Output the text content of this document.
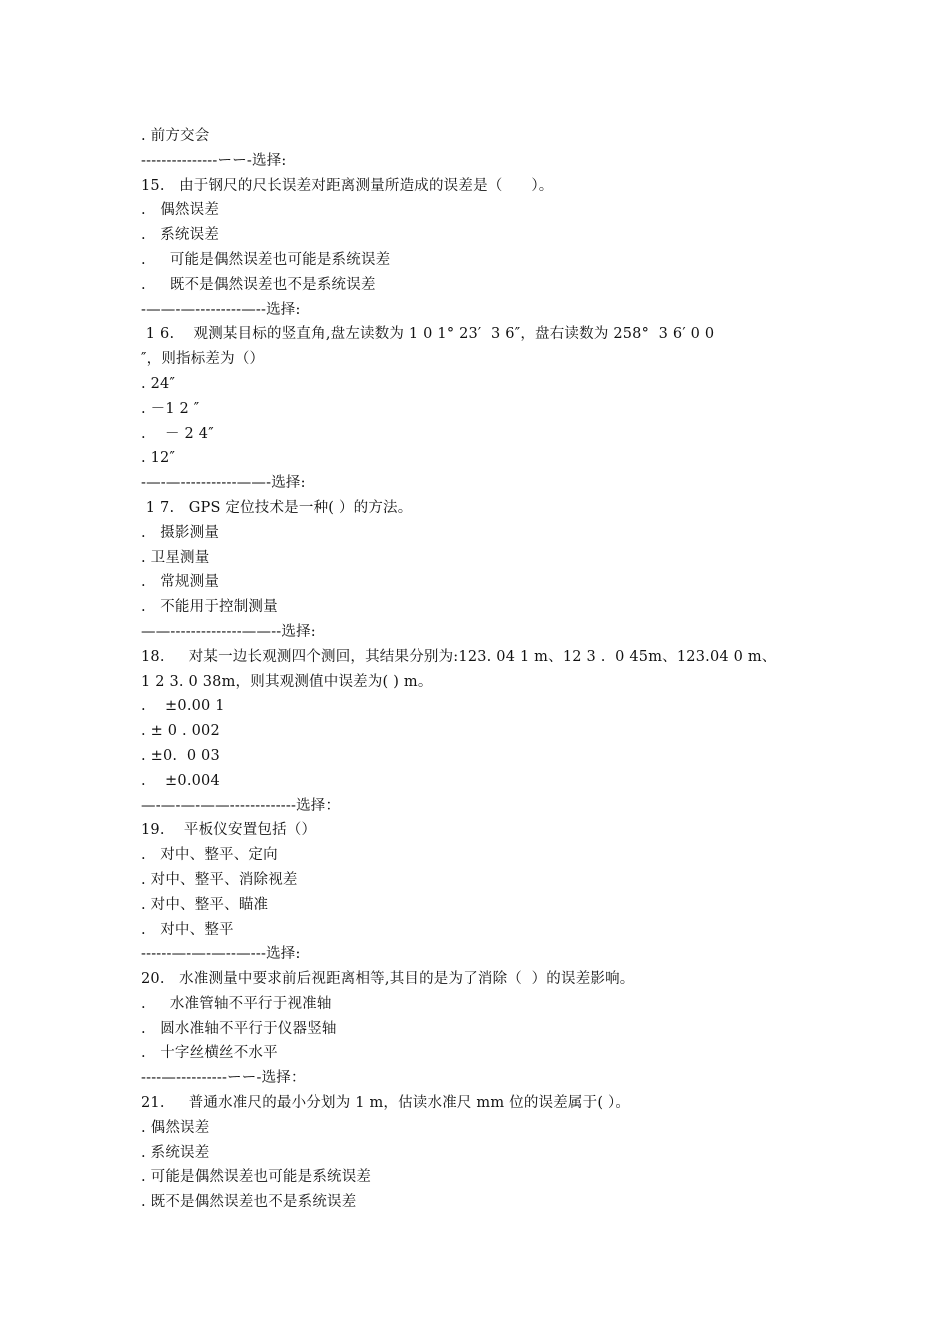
. 前方交会
---------------ーー-选择:
15.   由于钢尺的尺长误差对距离测量所造成的误差是（      ）。
.   偶然误差
.   系统误差
.     可能是偶然误差也可能是系统误差
.     既不是偶然误差也不是系统误差
-——-—---------—--选择:
1 6.    观测某目标的竖直角,盘左读数为 1 0 1° 23′  3 6″，盘右读数为 258°  3 6′ 0 0
″，则指标差为（）
. 24″
. －1 2 ″
.    － 2 4″
. 12″
-—-—-----------——-选择:
1 7.   GPS 定位技术是一种( ）的方法。
.   摄影测量
. 卫星测量
.   常规测量
.   不能用于控制测量
——--------------——--选择:
18.     对某一边长观测四个测回，其结果分别为:123. 04 1 m、12 3 .  0 45m、123.04 0 m、
1 2 3. 0 38m，则其观测值中误差为( ) m。
.    ±0.00 1
. ± 0 . 002
. ±0.  0 03
.    ±0.004
—-—-—-——-------------选择：
19.    平板仪安置包括（）
.   对中、整平、定向
. 对中、整平、消除视差
. 对中、整平、瞄准
.   对中、整平
------—-—-—--—---选择:
20.   水准测量中要求前后视距离相等,其目的是为了消除（  ）的误差影响。
.     水准管轴不平行于视准轴
.   圆水准轴不平行于仪器竖轴
.   十字丝横丝不水平
----—----------ーー-选择：
21.     普通水准尺的最小分划为 1 m，估读水准尺 mm 位的误差属于( ）。
. 偶然误差
. 系统误差
. 可能是偶然误差也可能是系统误差
. 既不是偶然误差也不是系统误差
